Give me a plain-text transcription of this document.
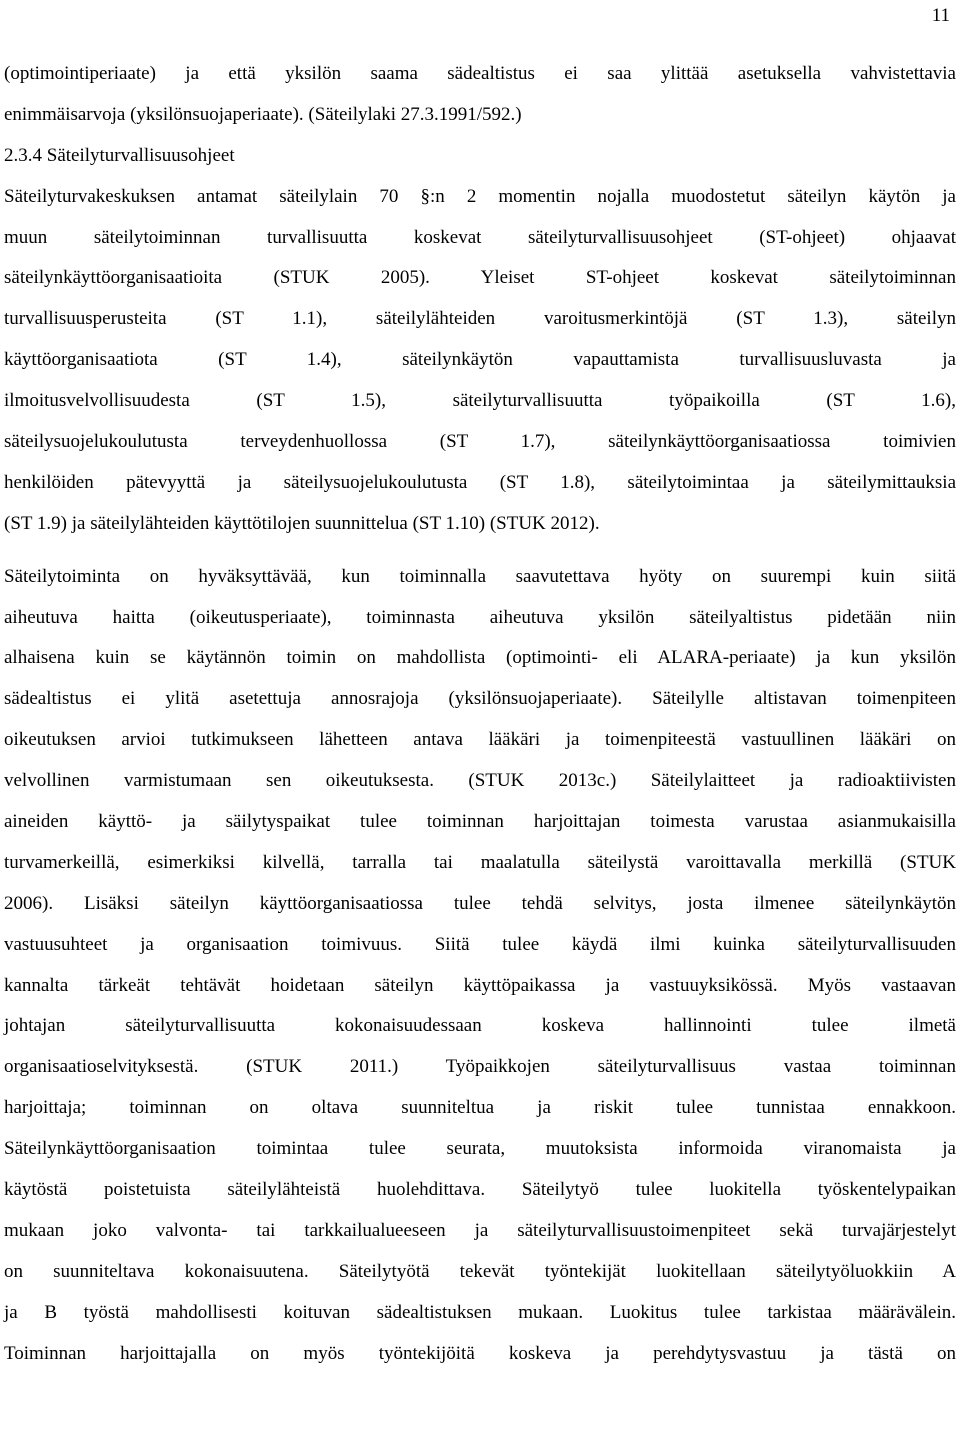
11
(optimointiperiaate) ja että yksilön saama sädealtistus ei saa ylittää asetuksella vahvistettavia
enimmäisarvoja (yksilönsuojaperiaate). (Säteilylaki 27.3.1991/592.)
2.3.4 Säteilyturvallisuusohjeet
Säteilyturvakeskuksen antamat säteilylain 70 §:n 2 momentin nojalla muodostetut säteilyn käytön ja
muun säteilytoiminnan turvallisuutta koskevat säteilyturvallisuusohjeet (ST-ohjeet) ohjaavat
säteilynkäyttöorganisaatioita (STUK 2005). Yleiset ST-ohjeet koskevat säteilytoiminnan
turvallisuusperusteita (ST 1.1), säteilylähteiden varoitusmerkintöjä (ST 1.3), säteilyn
käyttöorganisaatiota (ST 1.4), säteilynkäytön vapauttamista turvallisuusluvasta ja
ilmoitusvelvollisuudesta (ST 1.5), säteilyturvallisuutta työpaikoilla (ST 1.6),
säteilysuojelukoulutusta terveydenhuollossa (ST 1.7), säteilynkäyttöorganisaatiossa toimivien
henkilöiden pätevyyttä ja säteilysuojelukoulutusta (ST 1.8), säteilytoimintaa ja säteilymittauksia
(ST 1.9) ja säteilylähteiden käyttötilojen suunnittelua (ST 1.10) (STUK 2012).
Säteilytoiminta on hyväksyttävää, kun toiminnalla saavutettava hyöty on suurempi kuin siitä
aiheutuva haitta (oikeutusperiaate), toiminnasta aiheutuva yksilön säteilyaltistus pidetään niin
alhaisena kuin se käytännön toimin on mahdollista (optimointi- eli ALARA-periaate) ja kun yksilön
sädealtistus ei ylitä asetettuja annosrajoja (yksilönsuojaperiaate). Säteilylle altistavan toimenpiteen
oikeutuksen arvioi tutkimukseen lähetteen antava lääkäri ja toimenpiteestä vastuullinen lääkäri on
velvollinen varmistumaan sen oikeutuksesta. (STUK 2013c.) Säteilylaitteet ja radioaktiivisten
aineiden käyttö- ja säilytyspaikat tulee toiminnan harjoittajan toimesta varustaa asianmukaisilla
turvamerkeillä, esimerkiksi kilvellä, tarralla tai maalatulla säteilystä varoittavalla merkillä (STUK
2006). Lisäksi säteilyn käyttöorganisaatiossa tulee tehdä selvitys, josta ilmenee säteilynkäytön
vastuusuhteet ja organisaation toimivuus. Siitä tulee käydä ilmi kuinka säteilyturvallisuuden
kannalta tärkeät tehtävät hoidetaan säteilyn käyttöpaikassa ja vastuuyksikössä. Myös vastaavan
johtajan säteilyturvallisuutta kokonaisuudessaan koskeva hallinnointi tulee ilmetä
organisaatioselvityksestä. (STUK 2011.) Työpaikkojen säteilyturvallisuus vastaa toiminnan
harjoittaja; toiminnan on oltava suunniteltua ja riskit tulee tunnistaa ennakkoon.
Säteilynkäyttöorganisaation toimintaa tulee seurata, muutoksista informoida viranomaista ja
käytöstä poistetuista säteilylähteistä huolehdittava. Säteilytyö tulee luokitella työskentelypaikan
mukaan joko valvonta- tai tarkkailualueeseen ja säteilyturvallisuustoimenpiteet sekä turvajärjestelyt
on suunniteltava kokonaisuutena. Säteilytyötä tekevät työntekijät luokitellaan säteilytyöluokkiin A
ja B työstä mahdollisesti koituvan sädealtistuksen mukaan. Luokitus tulee tarkistaa määrävälein.
Toiminnan harjoittajalla on myös työntekijöitä koskeva ja perehdytysvastuu ja tästä on
